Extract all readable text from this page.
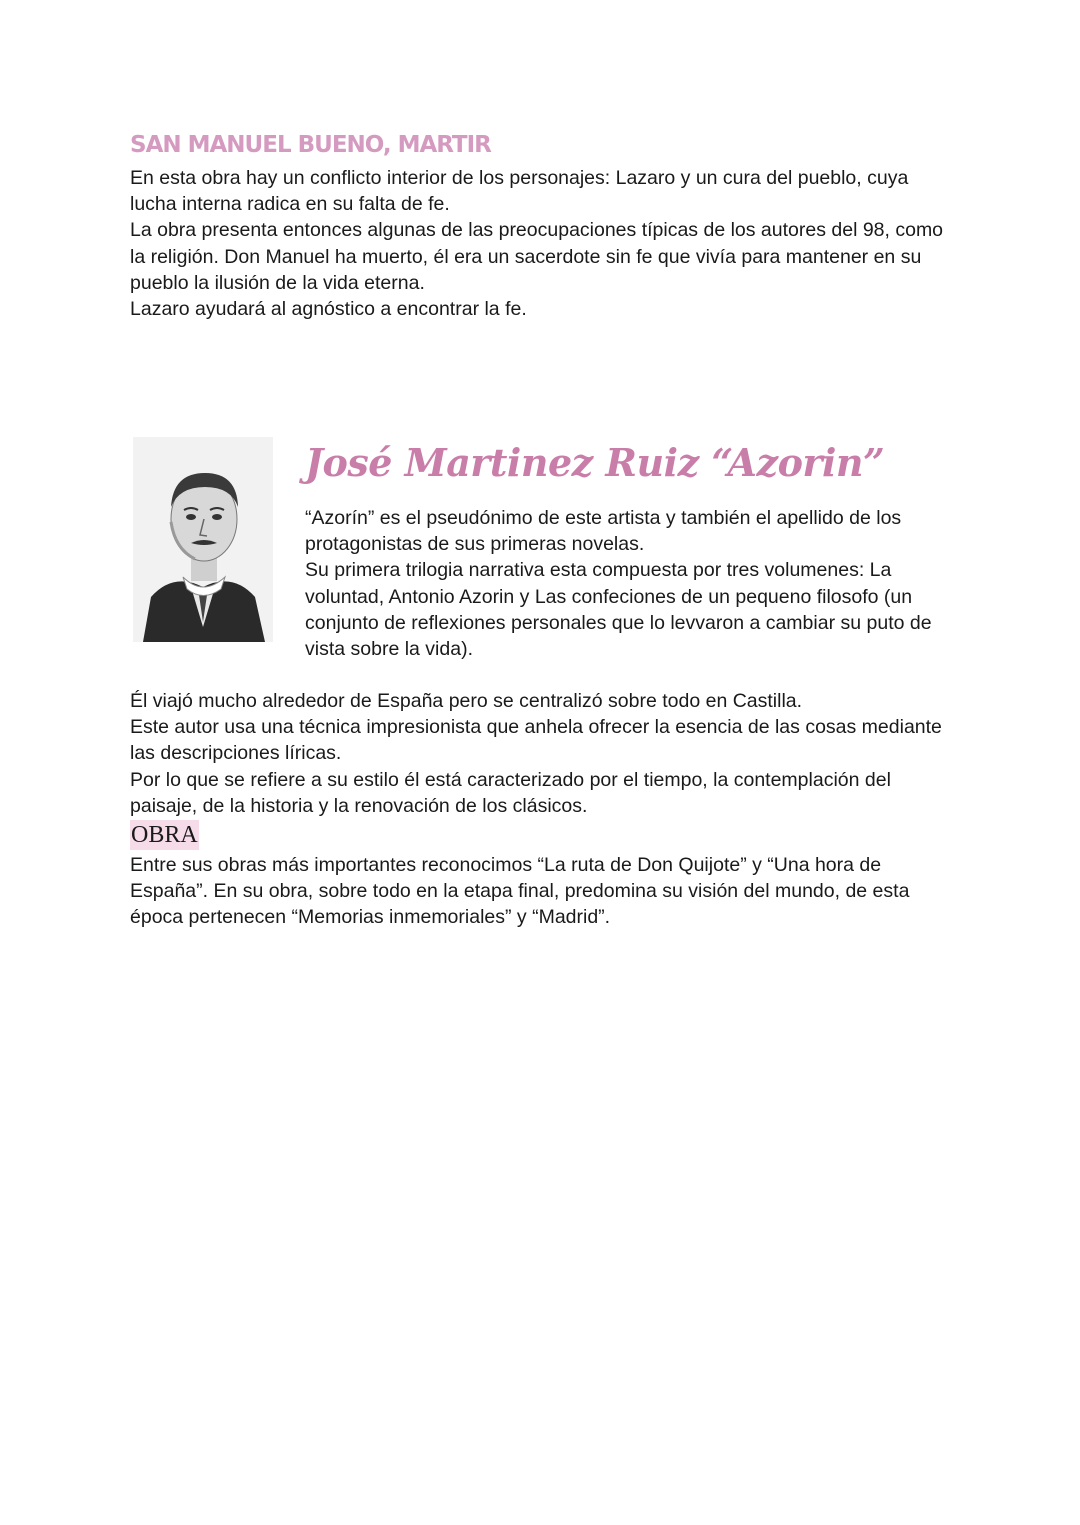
SAN MANUEL BUENO, MARTIR

En esta obra hay un conflicto interior de los personajes: Lazaro y un cura del pueblo, cuya lucha interna radica en su falta de fe.

La obra presenta entonces algunas de las preocupaciones típicas de los autores del 98, como la religión. Don Manuel ha muerto, él era un sacerdote sin fe que vivía para mantener en su pueblo la ilusión de la vida eterna.

Lazaro ayudará al agnóstico a encontrar la fe.

José Martinez Ruiz “Azorin”

“Azorín” es el pseudónimo de este artista y también el apellido de los protagonistas de sus primeras novelas.

Su primera trilogia narrativa esta compuesta por tres volumenes: La voluntad, Antonio Azorin y Las confeciones de un pequeno filosofo (un conjunto de reflexiones personales que lo levvaron a cambiar su puto de vista sobre la vida).

Él viajó mucho alrededor de España pero se centralizó sobre todo en Castilla.

Este autor usa una técnica impresionista que anhela ofrecer la esencia de las cosas mediante las descripciones líricas.

Por lo que se refiere a su estilo él está caracterizado por el tiempo, la contemplación del paisaje, de la historia y la renovación de los clásicos.

OBRA

Entre sus obras más importantes reconocimos “La ruta de Don Quijote” y “Una hora de España”. En su obra, sobre todo en la etapa final, predomina su visión del mundo, de esta época pertenecen “Memorias inmemoriales” y “Madrid”.
